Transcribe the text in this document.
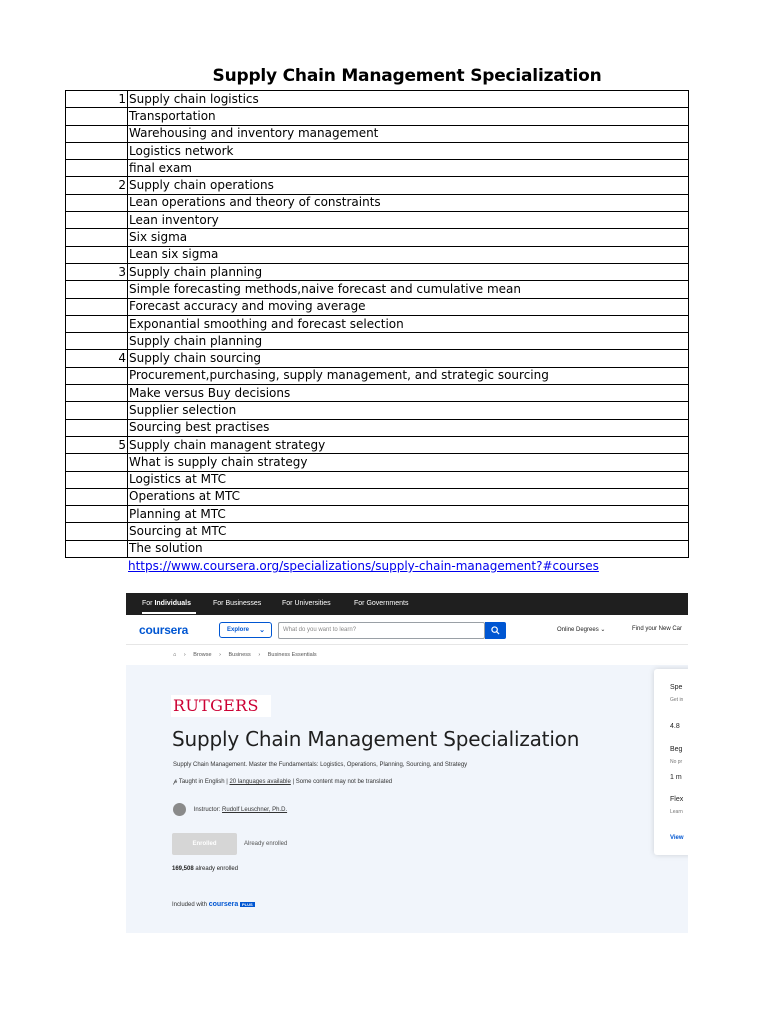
Supply Chain Management Specialization
1	Supply chain logistics
	Transportation
	Warehousing and inventory management
	Logistics network
	final exam
2	Supply chain operations
	Lean operations and theory of constraints
	Lean inventory
	Six sigma
	Lean six sigma
3	Supply chain planning
	Simple forecasting methods,naive forecast and cumulative mean
	Forecast accuracy and moving average
	Exponantial smoothing and forecast selection
	Supply chain planning
4	Supply chain sourcing
	Procurement,purchasing, supply management, and strategic sourcing
	Make versus Buy decisions
	Supplier selection
	Sourcing best practises
5	Supply chain managent strategy
	What is supply chain strategy
	Logistics at MTC
	Operations at MTC
	Planning at MTC
	Sourcing at MTC
	The solution
https://www.coursera.org/specializations/supply-chain-management?#courses
For Individuals	For Businesses	For Universities	For Governments
coursera	Explore ⌄	What do you want to learn?	Online Degrees ⌄	Find your New Car
⌂ › Browse › Business › Business Essentials
RUTGERS
Supply Chain Management Specialization
Supply Chain Management. Master the Fundamentals: Logistics, Operations, Planning, Sourcing, and Strategy
𝓅 Taught in English | 20 languages available | Some content may not be translated
Instructor: Rudolf Leuschner, Ph.D.
Enrolled	Already enrolled
169,508 already enrolled
Included with coursera PLUS
Spe
Get in
4.8
Beg
No pr
1 m
Flex
Learn
View
